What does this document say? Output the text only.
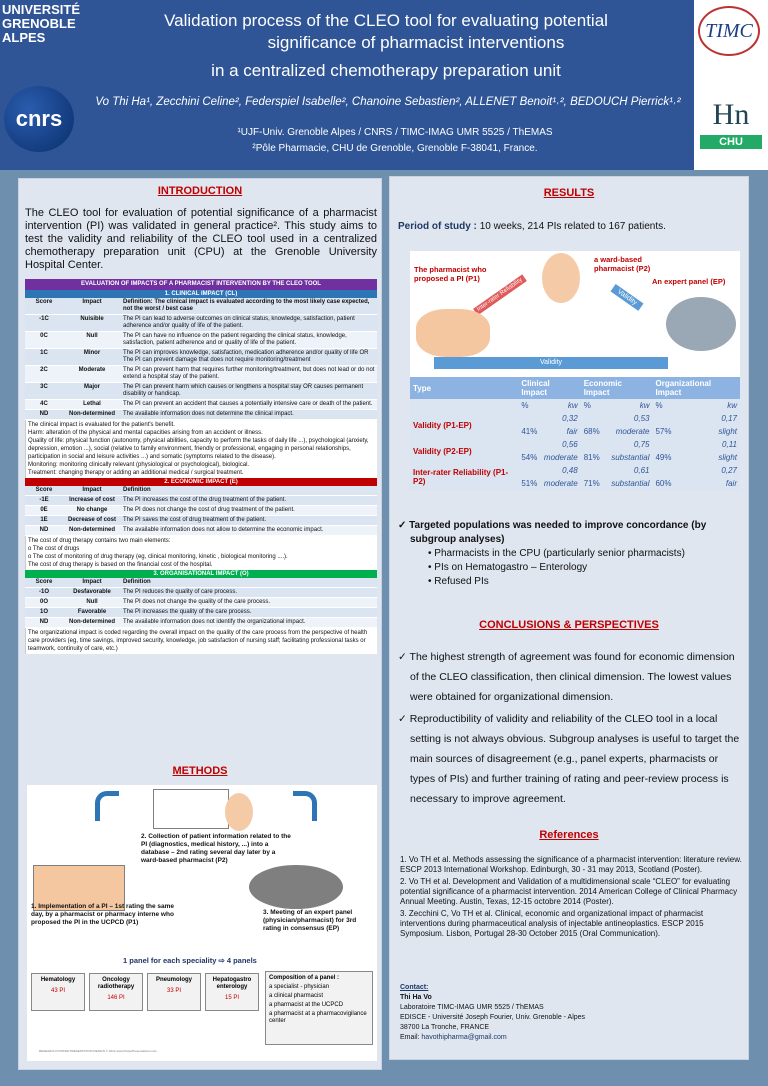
UNIVERSITÉ GRENOBLE ALPES
cnrs
Validation process of the CLEO tool for evaluating potential
significance of pharmacist interventions
in a centralized chemotherapy preparation unit
Vo Thi Ha¹, Zecchini Celine², Federspiel Isabelle², Chanoine Sebastien², ALLENET Benoit¹˒², BEDOUCH Pierrick¹˒²
¹UJF-Univ. Grenoble Alpes / CNRS / TIMC-IMAG UMR 5525 / ThEMAS
²Pôle Pharmacie, CHU de Grenoble, Grenoble F-38041, France.
TIMC
Hn
CHU
INTRODUCTION
The CLEO tool for evaluation of potential significance of a pharmacist intervention (PI) was validated in general practice². This study aims to test the validity and reliability of the CLEO tool used in a centralized chemotherapy preparation unit (CPU) at the Grenoble University Hospital Center.
EVALUATION OF IMPACTS OF A PHARMACIST INTERVENTION BY THE CLEO TOOL
1. CLINICAL IMPACT (CL)
Score	Impact	Definition: The clinical impact is evaluated according to the most likely case expected, not the worst / best case
-1C	Nuisible	The PI can lead to adverse outcomes on clinical status, knowledge, satisfaction, patient adherence and/or quality of life of the patient.
0C	Null	The PI can have no influence on the patient regarding the clinical status, knowledge, satisfaction, patient adherence and or quality of life of the patient.
1C	Minor	The PI can improves knowledge, satisfaction, medication adherence and/or quality of life OR The PI can prevent damage that does not require monitoring/treatment
2C	Moderate	The PI can prevent harm that requires further monitoring/treatment, but does not lead or do not extend a hospital stay of the patient.
3C	Major	The PI can prevent harm which causes or lengthens a hospital stay OR causes permanent disability or handicap.
4C	Lethal	The PI can prevent an accident that causes a potentially intensive care or death of the patient.
ND	Non-determined	The available information does not determine the clinical impact.
The clinical impact is evaluated for the patient's benefit.
Harm: alteration of the physical and mental capacities arising from an accident or illness.
Quality of life: physical function (autonomy, physical abilities, capacity to perform the tasks of daily life ...), psychological (anxiety, depression, emotion ...), social (relative to family environment, friendly or professional, engaging in personal relationships, participation in social and leisure activities ...) and somatic (symptoms related to the disease).
Monitoring: monitoring clinically relevant (physiological or psychological), biological.
Treatment: changing therapy or adding an additional medical / surgical treatment.
2. ECONOMIC IMPACT (E)
Score	Impact	Definition
-1E	Increase of cost	The PI increases the cost of the drug treatment of the patient.
0E	No change	The PI does not change the cost of drug treatment of the patient.
1E	Decrease of cost	The PI saves the cost of drug treatment of the patient.
ND	Non-determined	The available information does not allow to determine the economic impact.
The cost of drug therapy contains two main elements:
o The cost of drugs
o The cost of monitoring of drug therapy (eg, clinical monitoring, kinetic , biological monitoring ....).
The cost of drug therapy is based on the financial cost of the hospital.
3. ORGANISATIONAL IMPACT (O)
Score	Impact	Definition
-1O	Desfavorable	The PI reduces the quality of care process.
0O	Null	The PI does not change the quality of the care process.
1O	Favorable	The PI increases the quality of the care process.
ND	Non-determined	The available information does not identify the organizational impact.
The organizational impact is coded regarding the overall impact on the quality of the care process from the perspective of health care providers (eg, time savings, improved security, knowledge, job satisfaction of nursing staff; facilitating professional tasks or teamwork, continuity of care, etc.)
METHODS
2. Collection of patient information related to the PI (diagnostics, medical history, ...) into a database – 2nd rating several day later by a ward-based pharmacist (P2)
1. Implementation of a PI – 1st rating the same day, by a pharmacist or pharmacy interne who proposed the PI in the UCPCD (P1)
3. Meeting of an expert panel (physician/pharmacist) for 3rd rating in consensus (EP)
1 panel for each speciality ⇨ 4 panels
Hematology
43 PI
Oncology radiotherapy
146 PI
Pneumology
33 PI
Hepatogastro enterology
15 PI
Composition of a panel :
a specialist - physician
a clinical pharmacist
a pharmacist at the UCPCD
a pharmacist at a pharmacovigilance center
RESEARCH POSTER PRESENTATION DESIGN © 2012 www.PosterPresentations.com
RESULTS
Period of study : 10 weeks, 214 PIs related to 167 patients.
The pharmacist who proposed a PI (P1)
a ward-based pharmacist (P2)
An expert panel (EP)
Inter-rater Reliability	Validity
Validity
Type	Clinical Impact		Economic Impact		Organizational Impact	
	%	kw	%	kw	%	kw
Validity (P1-EP)		0,32		0,53		0,17
	41%	fair	68%	moderate	57%	slight
Validity (P2-EP)		0,56		0,75		0,11
	54%	moderate	81%	substantial	49%	slight
Inter-rater Reliability (P1-P2)		0,48		0,61		0,27
	51%	moderate	71%	substantial	60%	fair
✓ Targeted populations was needed to improve concordance (by subgroup analyses)
• Pharmacists in the CPU (particularly senior pharmacists)
• PIs on Hematogastro – Enterology
• Refused PIs
CONCLUSIONS & PERSPECTIVES

✓ The highest strength of agreement was found for economic dimension of the CLEO classification, then clinical dimension. The lowest values were obtained for organizational dimension.

✓ Reproductibility of validity and reliability of the CLEO tool in a local setting is not always obvious. Subgroup analyses is useful to target the main sources of disagreement (e.g., panel experts, pharmacists or types of PIs) and further training of rating and peer-review process is necessary to improve agreement.

References

1. Vo TH et al. Methods assessing the significance of a pharmacist intervention: literature review. ESCP 2013 International Workshop. Edinburgh, 30 - 31 may 2013, Scotland (Poster).

2. Vo TH et al. Development and Validation of a multidimensional scale “CLEO” for evaluating potential significance of a pharmacist intervention. 2014 American College of Clinical Pharmacy Annual Meeting. Austin, Texas, 12-15 octobre 2014 (Poster).

3. Zecchini C, Vo TH et al. Clinical, economic and organizational impact of pharmacist interventions during pharmaceutical analysis of injectable antineoplastics. ESCP 2015 Symposium. Lisbon, Portugal 28-30 October 2015 (Oral Communication).

Contact:
Thi Ha Vo
Laboratoire TIMC-IMAG UMR 5525 / ThEMAS
EDISCE - Université Joseph Fourier, Univ. Grenoble - Alpes
38700 La Tronche, FRANCE
Email: havothipharma@gmail.com
